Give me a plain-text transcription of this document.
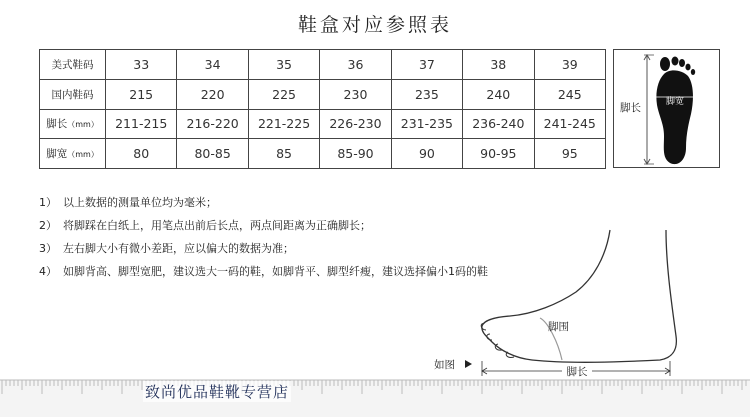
鞋盒对应参照表
美式鞋码	33	34	35	36	37	38	39
国内鞋码	215	220	225	230	235	240	245
脚长（mm）	211-215	216-220	221-225	226-230	231-235	236-240	241-245
脚宽（mm）	80	80-85	85	85-90	90	90-95	95
脚长	脚宽
1） 以上数据的测量单位均为毫米；
2） 将脚踩在白纸上，用笔点出前后长点，两点间距离为正确脚长；
3） 左右脚大小有微小差距，应以偏大的数据为准；
4） 如脚背高、脚型宽肥，建议选大一码的鞋，如脚背平、脚型纤瘦，建议选择偏小1码的鞋
脚围
如图
脚长
致尚优品鞋靴专营店
